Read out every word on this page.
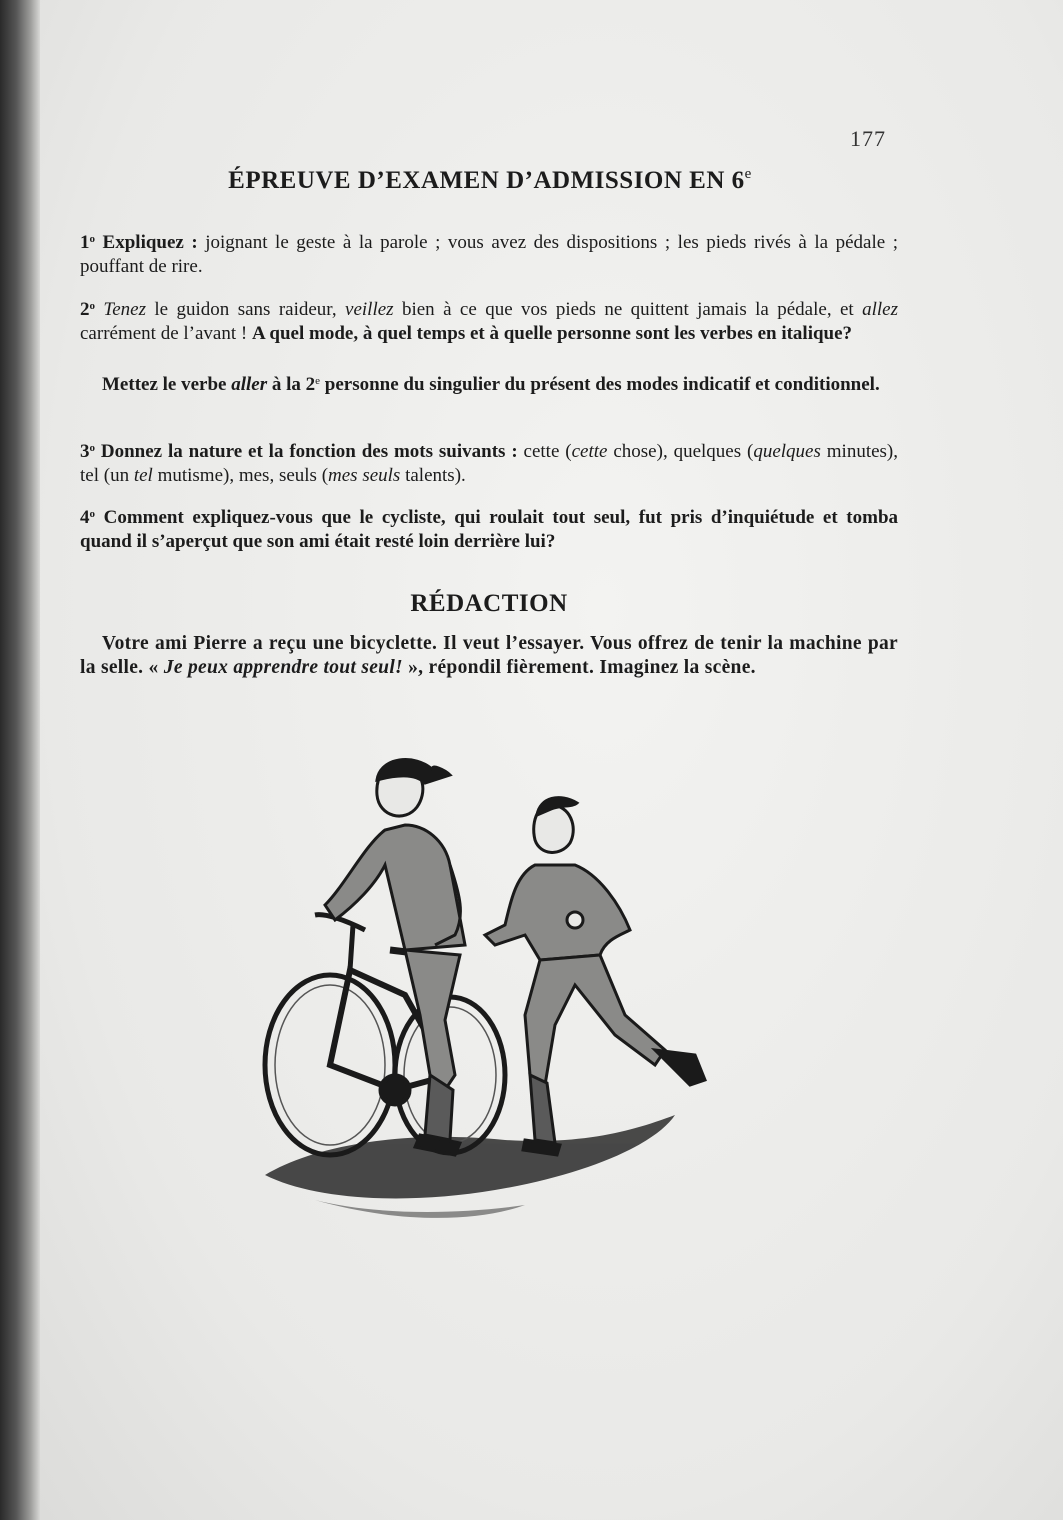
177
ÉPREUVE D’EXAMEN D’ADMISSION EN 6e

1$^o$ Expliquez : joignant le geste à la parole ; vous avez des dispositions ; les pieds rivés à la pédale ; pouffant de rire.

2$^o$ Tenez le guidon sans raideur, veillez bien à ce que vos pieds ne quittent jamais la pédale, et allez carrément de l’avant ! A quel mode, à quel temps et à quelle personne sont les verbes en italique?

Mettez le verbe aller à la 2e personne du singulier du présent des modes indicatif et conditionnel.

3$^o$ Donnez la nature et la fonction des mots suivants : cette (cette chose), quelques (quelques minutes), tel (un tel mutisme), mes, seuls (mes seuls talents).

4$^o$ Comment expliquez-vous que le cycliste, qui roulait tout seul, fut pris d’inquiétude et tomba quand il s’aperçut que son ami était resté loin derrière lui?

RÉDACTION

Votre ami Pierre a reçu une bicyclette. Il veut l’essayer. Vous offrez de tenir la machine par la selle. « Je peux apprendre tout seul! », répondil fièrement. Imaginez la scène.
